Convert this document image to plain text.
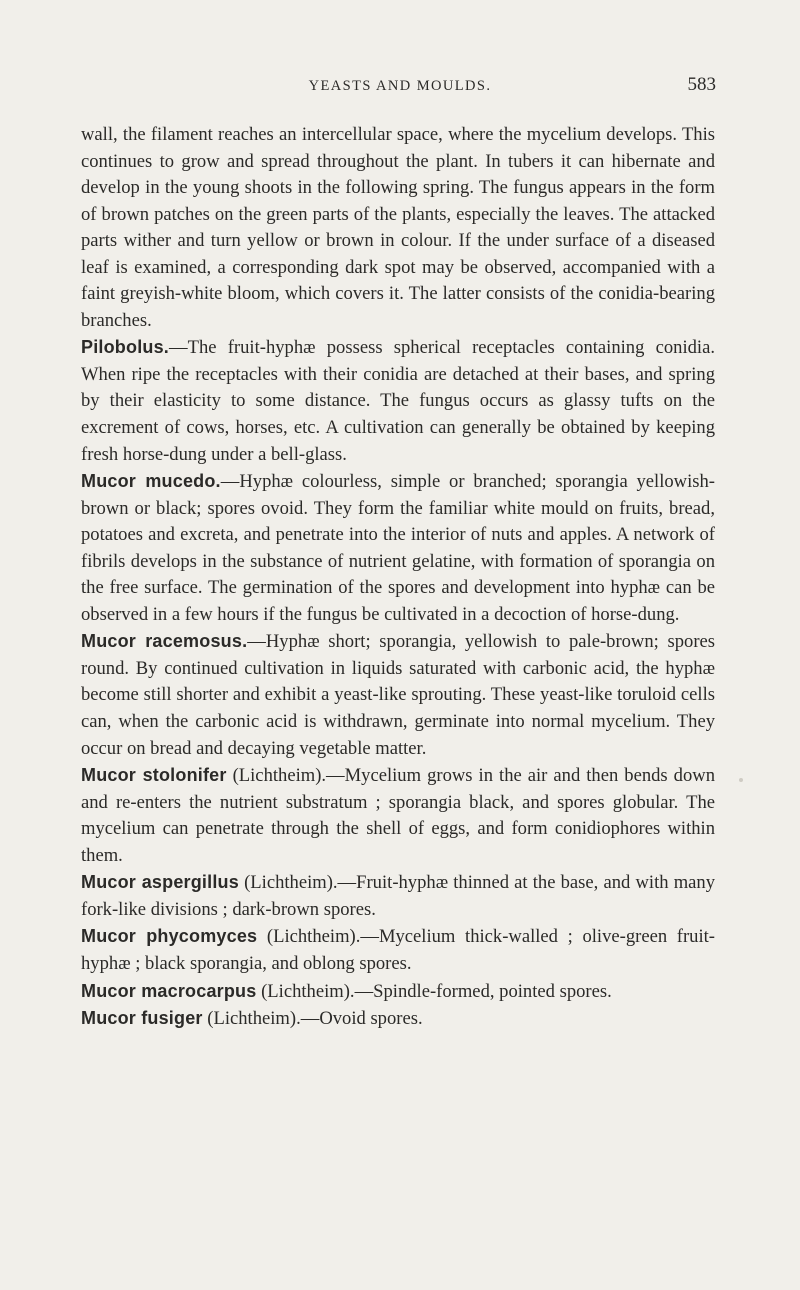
YEASTS AND MOULDS.	583

wall, the filament reaches an intercellular space, where the mycelium develops. This continues to grow and spread throughout the plant. In tubers it can hibernate and develop in the young shoots in the following spring. The fungus appears in the form of brown patches on the green parts of the plants, especially the leaves. The attacked parts wither and turn yellow or brown in colour. If the under surface of a diseased leaf is examined, a corresponding dark spot may be observed, accompanied with a faint greyish-white bloom, which covers it. The latter consists of the conidia-bearing branches.

Pilobolus.—The fruit-hyphæ possess spherical receptacles containing conidia. When ripe the receptacles with their conidia are detached at their bases, and spring by their elasticity to some distance. The fungus occurs as glassy tufts on the excrement of cows, horses, etc. A cultivation can generally be obtained by keeping fresh horse-dung under a bell-glass.

Mucor mucedo.—Hyphæ colourless, simple or branched; sporangia yellowish-brown or black; spores ovoid. They form the familiar white mould on fruits, bread, potatoes and excreta, and penetrate into the interior of nuts and apples. A network of fibrils develops in the substance of nutrient gelatine, with formation of sporangia on the free surface. The germination of the spores and development into hyphæ can be observed in a few hours if the fungus be cultivated in a decoction of horse-dung.

Mucor racemosus.—Hyphæ short; sporangia, yellowish to pale-brown; spores round. By continued cultivation in liquids saturated with carbonic acid, the hyphæ become still shorter and exhibit a yeast-like sprouting. These yeast-like toruloid cells can, when the carbonic acid is withdrawn, germinate into normal mycelium. They occur on bread and decaying vegetable matter.

Mucor stolonifer (Lichtheim).—Mycelium grows in the air and then bends down and re-enters the nutrient substratum ; sporangia black, and spores globular. The mycelium can penetrate through the shell of eggs, and form conidiophores within them.

Mucor aspergillus (Lichtheim).—Fruit-hyphæ thinned at the base, and with many fork-like divisions ; dark-brown spores.

Mucor phycomyces (Lichtheim).—Mycelium thick-walled ; olive-green fruit-hyphæ ; black sporangia, and oblong spores.

Mucor macrocarpus (Lichtheim).—Spindle-formed, pointed spores.

Mucor fusiger (Lichtheim).—Ovoid spores.
